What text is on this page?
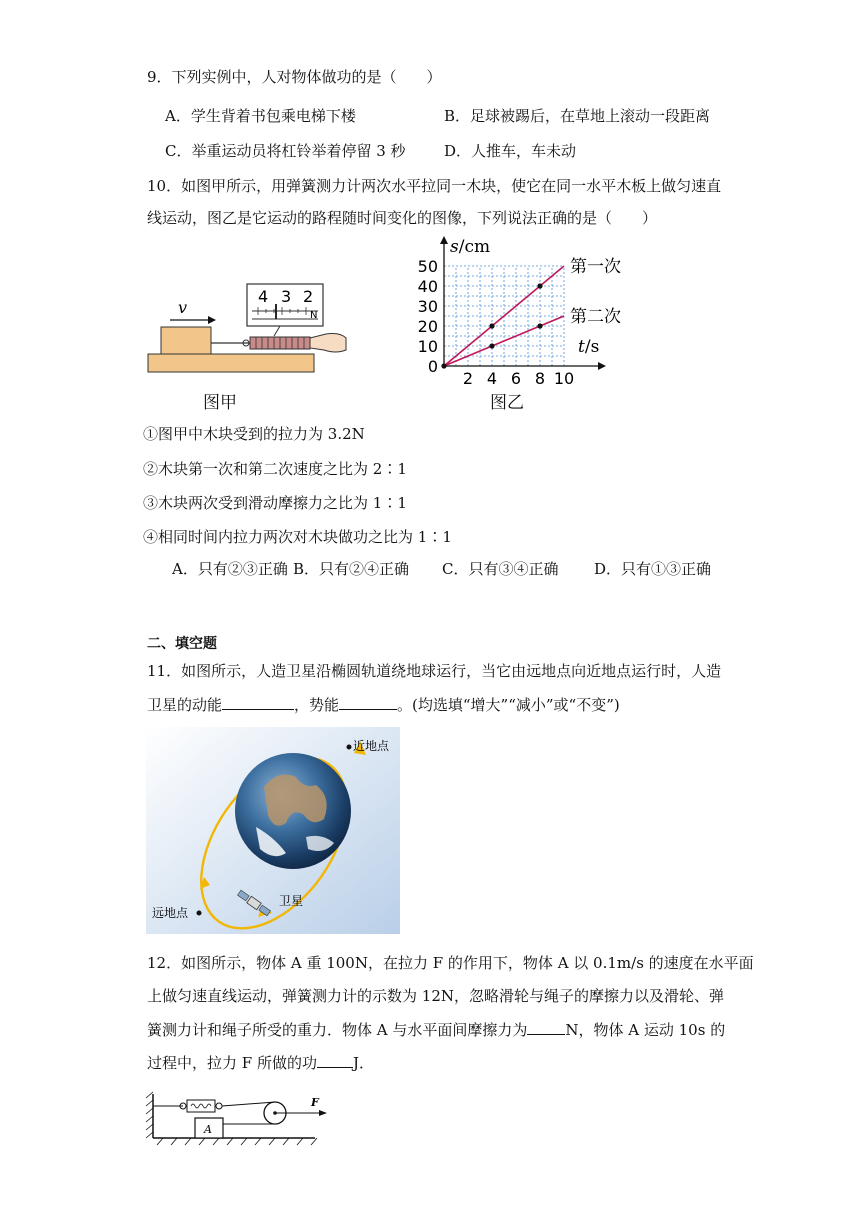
9．下列实例中，人对物体做功的是（　　）
A．学生背着书包乘电梯下楼	B．足球被踢后，在草地上滚动一段距离
C．举重运动员将杠铃举着停留 3 秒	D．人推车，车未动
10．如图甲所示，用弹簧测力计两次水平拉同一木块，使它在同一水平木板上做匀速直
线运动，图乙是它运动的路程随时间变化的图像，下列说法正确的是（　　）
v
4 3 2
N
图甲
2 4 6 8 10
10
20
30
40
50
0
s/cm
t/s
第一次
第二次
图乙
①图甲中木块受到的拉力为 3.2N
②木块第一次和第二次速度之比为 2∶1
③木块两次受到滑动摩擦力之比为 1∶1
④相同时间内拉力两次对木块做功之比为 1∶1
A．只有②③正确 B．只有②④正确 C．只有③④正确 D．只有①③正确
二、填空题
11．如图所示，人造卫星沿椭圆轨道绕地球运行，当它由远地点向近地点运行时，人造
卫星的动能	，势能	。(均选填“增大”“减小”或“不变”)
近地点
远地点
卫星
12．如图所示，物体 A 重 100N，在拉力 F 的作用下，物体 A 以 0.1m/s 的速度在水平面
上做匀速直线运动，弹簧测力计的示数为 12N，忽略滑轮与绳子的摩擦力以及滑轮、弹
簧测力计和绳子所受的重力．物体 A 与水平面间摩擦力为	N，物体 A 运动 10s 的
过程中，拉力 F 所做的功 J．
A
F
